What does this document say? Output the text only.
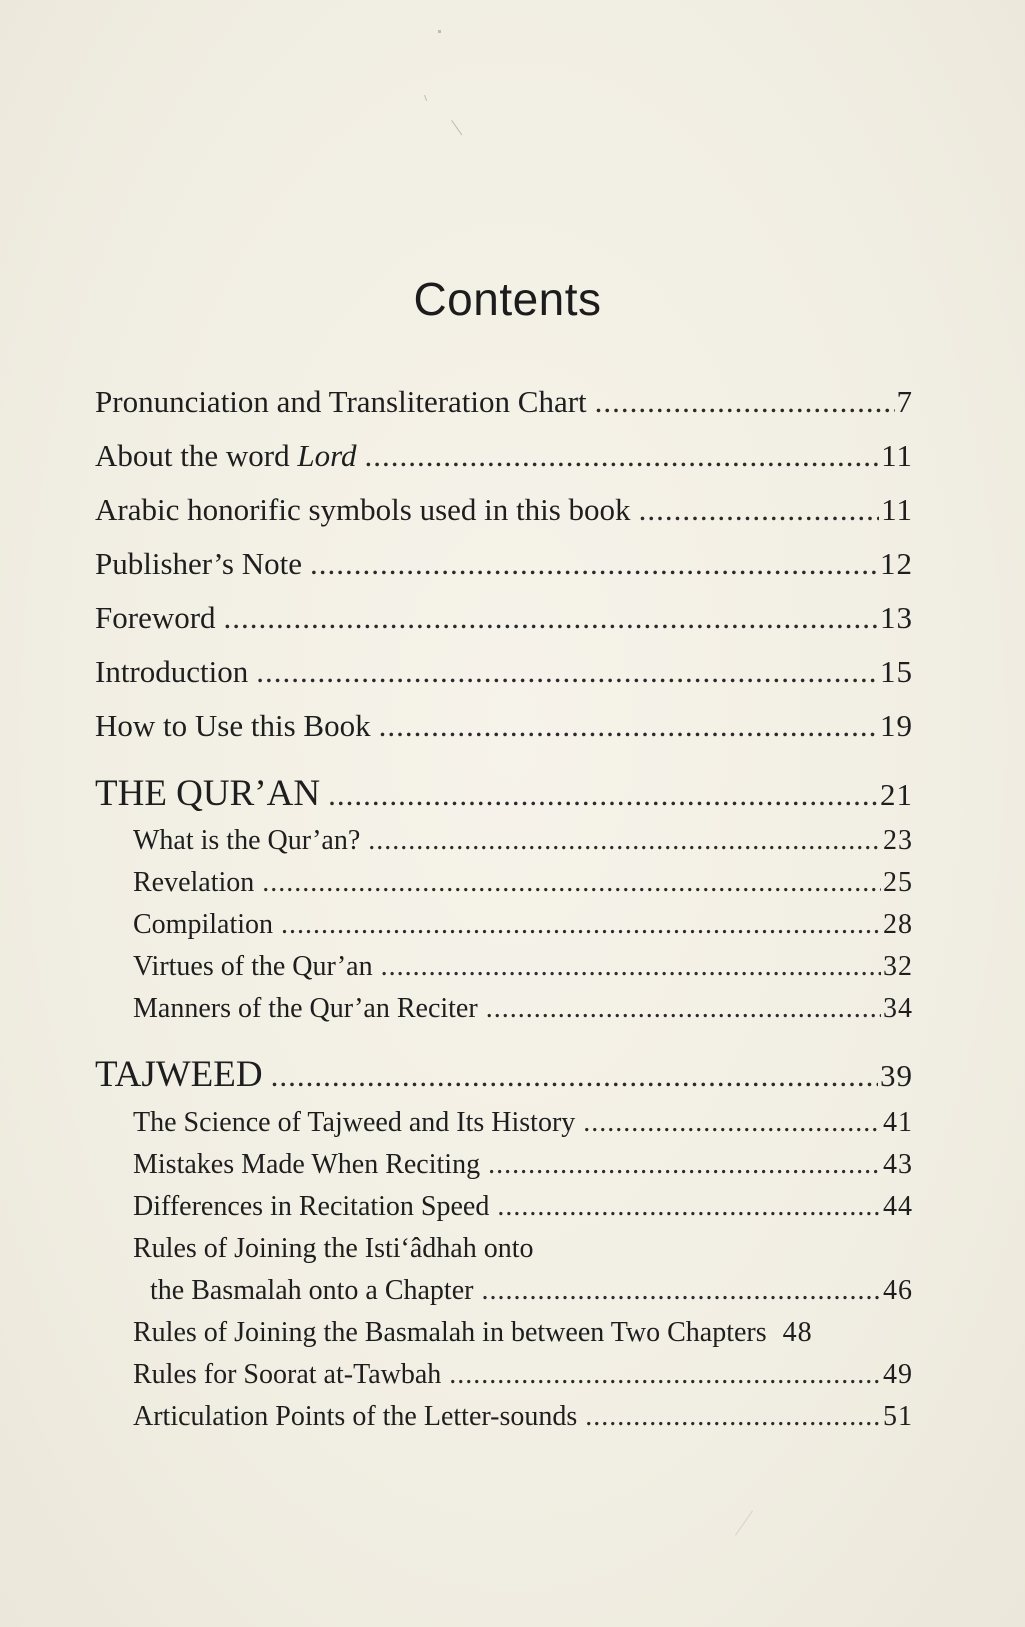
Contents
Pronunciation and Transliteration Chart .....	7
About the word Lord .....	11
Arabic honorific symbols used in this book .....	11
Publisher’s Note .....	12
Foreword .....	13
Introduction .....	15
How to Use this Book .....	19
THE QUR’AN .....	21
What is the Qur’an? .....	23
Revelation .....	25
Compilation .....	28
Virtues of the Qur’an .....	32
Manners of the Qur’an Reciter .....	34
TAJWEED .....	39
The Science of Tajweed and Its History .....	41
Mistakes Made When Reciting .....	43
Differences in Recitation Speed .....	44
Rules of Joining the Isti‘âdhah onto
the Basmalah onto a Chapter .....	46
Rules of Joining the Basmalah in between Two Chapters 48
Rules for Soorat at-Tawbah .....	49
Articulation Points of the Letter-sounds .....	51
